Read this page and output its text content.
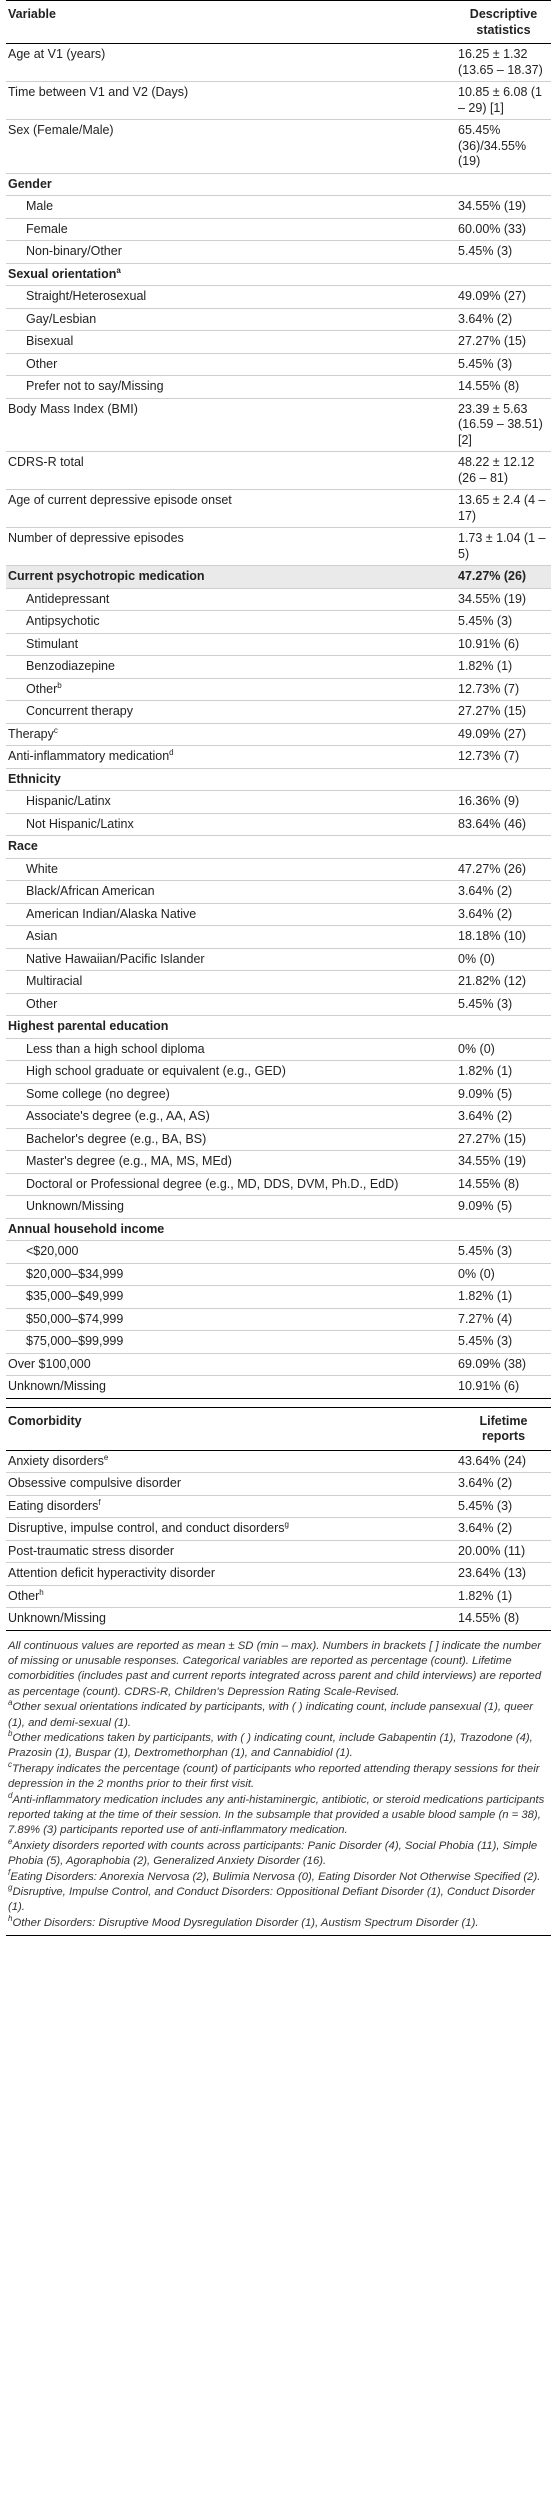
Variable	Descriptive statistics
Age at V1 (years)	16.25 ± 1.32 (13.65 – 18.37)
Time between V1 and V2 (Days)	10.85 ± 6.08 (1 – 29) [1]
Sex (Female/Male)	65.45% (36)/34.55% (19)
Gender	
Male	34.55% (19)
Female	60.00% (33)
Non-binary/Other	5.45% (3)
Sexual orientation$^a$	
Straight/Heterosexual	49.09% (27)
Gay/Lesbian	3.64% (2)
Bisexual	27.27% (15)
Other	5.45% (3)
Prefer not to say/Missing	14.55% (8)
Body Mass Index (BMI)	23.39 ± 5.63 (16.59 – 38.51) [2]
CDRS-R total	48.22 ± 12.12 (26 – 81)
Age of current depressive episode onset	13.65 ± 2.4 (4 – 17)
Number of depressive episodes	1.73 ± 1.04 (1 – 5)
Current psychotropic medication	47.27% (26)
Antidepressant	34.55% (19)
Antipsychotic	5.45% (3)
Stimulant	10.91% (6)
Benzodiazepine	1.82% (1)
Other$^b$	12.73% (7)
Concurrent therapy	27.27% (15)
Therapy$^c$	49.09% (27)
Anti-inflammatory medication$^d$	12.73% (7)
Ethnicity	
Hispanic/Latinx	16.36% (9)
Not Hispanic/Latinx	83.64% (46)
Race	
White	47.27% (26)
Black/African American	3.64% (2)
American Indian/Alaska Native	3.64% (2)
Asian	18.18% (10)
Native Hawaiian/Pacific Islander	0% (0)
Multiracial	21.82% (12)
Other	5.45% (3)
Highest parental education	
Less than a high school diploma	0% (0)
High school graduate or equivalent (e.g., GED)	1.82% (1)
Some college (no degree)	9.09% (5)
Associate's degree (e.g., AA, AS)	3.64% (2)
Bachelor's degree (e.g., BA, BS)	27.27% (15)
Master's degree (e.g., MA, MS, MEd)	34.55% (19)
Doctoral or Professional degree (e.g., MD, DDS, DVM, Ph.D., EdD)	14.55% (8)
Unknown/Missing	9.09% (5)
Annual household income	
<$20,000	5.45% (3)
$20,000–$34,999	0% (0)
$35,000–$49,999	1.82% (1)
$50,000–$74,999	7.27% (4)
$75,000–$99,999	5.45% (3)
Over $100,000	69.09% (38)
Unknown/Missing	10.91% (6)
Comorbidity	Lifetime reports
Anxiety disorders$^e$	43.64% (24)
Obsessive compulsive disorder	3.64% (2)
Eating disorders$^f$	5.45% (3)
Disruptive, impulse control, and conduct disorders$^g$	3.64% (2)
Post-traumatic stress disorder	20.00% (11)
Attention deficit hyperactivity disorder	23.64% (13)
Other$^h$	1.82% (1)
Unknown/Missing	14.55% (8)

All continuous values are reported as mean ± SD (min – max). Numbers in brackets [ ] indicate the number of missing or unusable responses. Categorical variables are reported as percentage (count). Lifetime comorbidities (includes past and current reports integrated across parent and child interviews) are reported as percentage (count). CDRS-R, Children's Depression Rating Scale-Revised.

$^a$Other sexual orientations indicated by participants, with ( ) indicating count, include pansexual (1), queer (1), and demi-sexual (1).

$^b$Other medications taken by participants, with ( ) indicating count, include Gabapentin (1), Trazodone (4), Prazosin (1), Buspar (1), Dextromethorphan (1), and Cannabidiol (1).

$^c$Therapy indicates the percentage (count) of participants who reported attending therapy sessions for their depression in the 2 months prior to their first visit.

$^d$Anti-inflammatory medication includes any anti-histaminergic, antibiotic, or steroid medications participants reported taking at the time of their session. In the subsample that provided a usable blood sample (n = 38), 7.89% (3) participants reported use of anti-inflammatory medication.

$^e$Anxiety disorders reported with counts across participants: Panic Disorder (4), Social Phobia (11), Simple Phobia (5), Agoraphobia (2), Generalized Anxiety Disorder (16).

$^f$Eating Disorders: Anorexia Nervosa (2), Bulimia Nervosa (0), Eating Disorder Not Otherwise Specified (2).

$^g$Disruptive, Impulse Control, and Conduct Disorders: Oppositional Defiant Disorder (1), Conduct Disorder (1).

$^h$Other Disorders: Disruptive Mood Dysregulation Disorder (1), Austism Spectrum Disorder (1).
